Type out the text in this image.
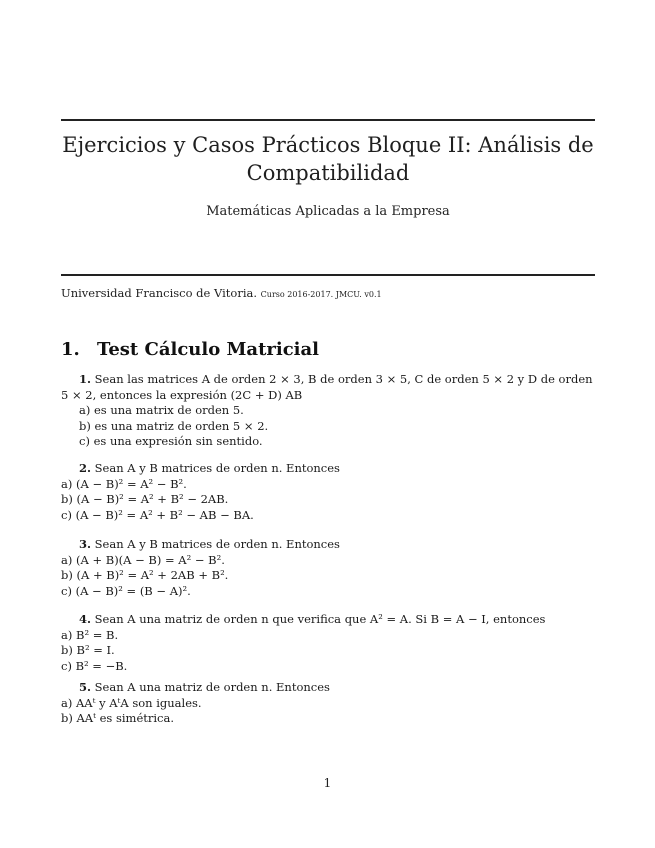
Ejercicios y Casos Prácticos Bloque II: Análisis de
Compatibilidad
Matemáticas Aplicadas a la Empresa
Universidad Francisco de Vitoria. Curso 2016-2017. JMCU. v0.1
1. Test Cálculo Matricial

1. Sean las matrices A de orden 2 × 3, B de orden 3 × 5, C de orden 5 × 2 y D de orden 5 × 2, entonces la expresión (2C + D) AB

a) es una matrix de orden 5.

b) es una matriz de orden 5 × 2.

c) es una expresión sin sentido.

2. Sean A y B matrices de orden n. Entonces

a) (A − B)² = A² − B².

b) (A − B)² = A² + B² − 2AB.

c) (A − B)² = A² + B² − AB − BA.

3. Sean A y B matrices de orden n. Entonces

a) (A + B)(A − B) = A² − B².

b) (A + B)² = A² + 2AB + B².

c) (A − B)² = (B − A)².

4. Sean A una matriz de orden n que verifica que A² = A. Si B = A − I, entonces

a) B² = B.

b) B² = I.

c) B² = −B.

5. Sean A una matriz de orden n. Entonces

a) AAᵗ y AᵗA son iguales.

b) AAᵗ es simétrica.

1
